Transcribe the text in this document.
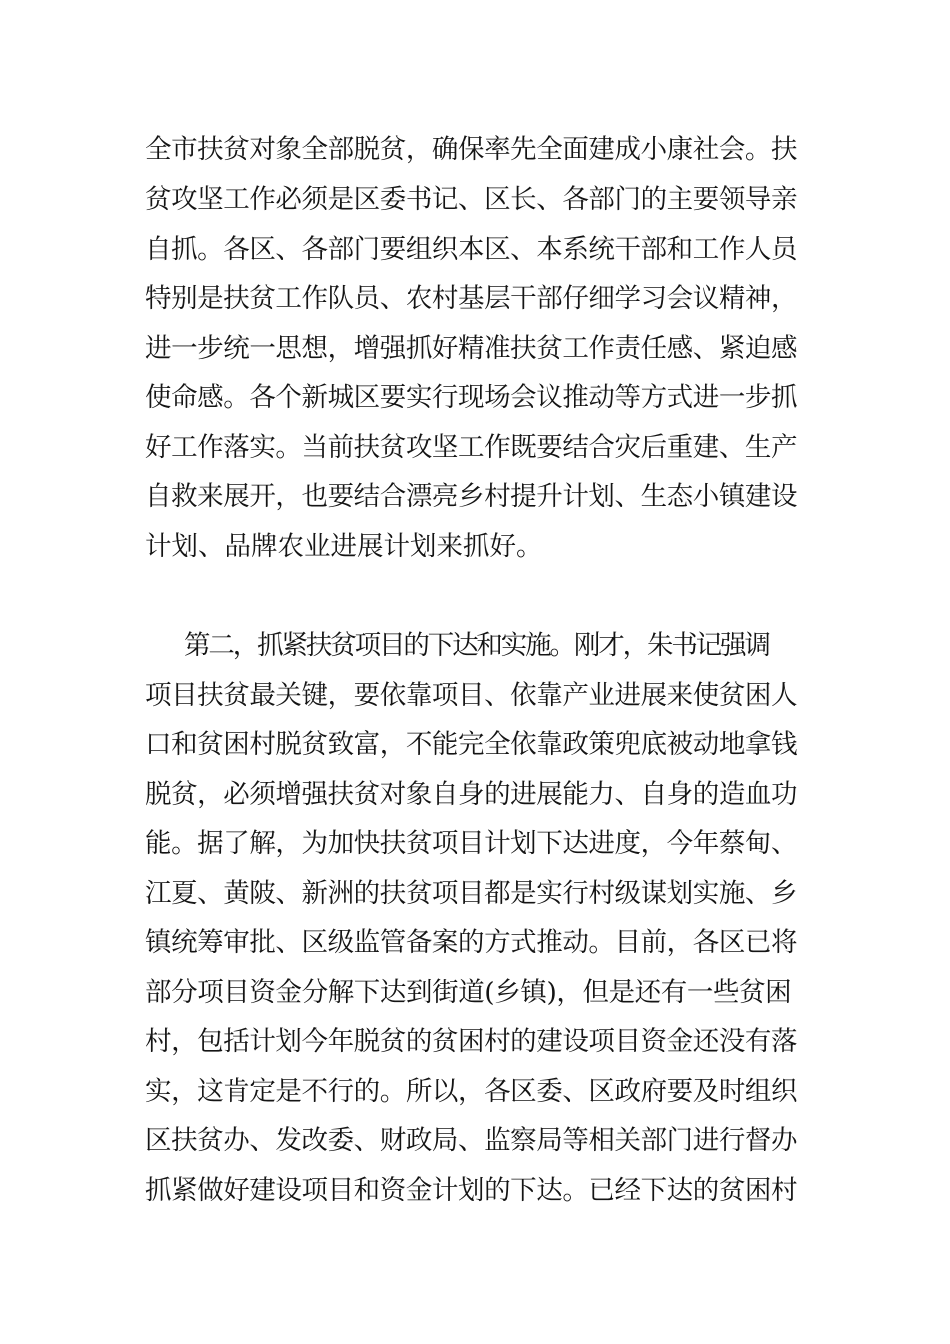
全市扶贫对象全部脱贫，确保率先全面建成小康社会。扶
贫攻坚工作必须是区委书记、区长、各部门的主要领导亲
自抓。各区、各部门要组织本区、本系统干部和工作人员
特别是扶贫工作队员、农村基层干部仔细学习会议精神，
进一步统一思想，增强抓好精准扶贫工作责任感、紧迫感
使命感。各个新城区要实行现场会议推动等方式进一步抓
好工作落实。当前扶贫攻坚工作既要结合灾后重建、生产
自救来展开，也要结合漂亮乡村提升计划、生态小镇建设
计划、品牌农业进展计划来抓好。
第二，抓紧扶贫项目的下达和实施。刚才，朱书记强调
项目扶贫最关键，要依靠项目、依靠产业进展来使贫困人
口和贫困村脱贫致富，不能完全依靠政策兜底被动地拿钱
脱贫，必须增强扶贫对象自身的进展能力、自身的造血功
能。据了解，为加快扶贫项目计划下达进度，今年蔡甸、
江夏、黄陂、新洲的扶贫项目都是实行村级谋划实施、乡
镇统筹审批、区级监管备案的方式推动。目前，各区已将
部分项目资金分解下达到街道(乡镇)，但是还有一些贫困
村，包括计划今年脱贫的贫困村的建设项目资金还没有落
实，这肯定是不行的。所以，各区委、区政府要及时组织
区扶贫办、发改委、财政局、监察局等相关部门进行督办
抓紧做好建设项目和资金计划的下达。已经下达的贫困村
